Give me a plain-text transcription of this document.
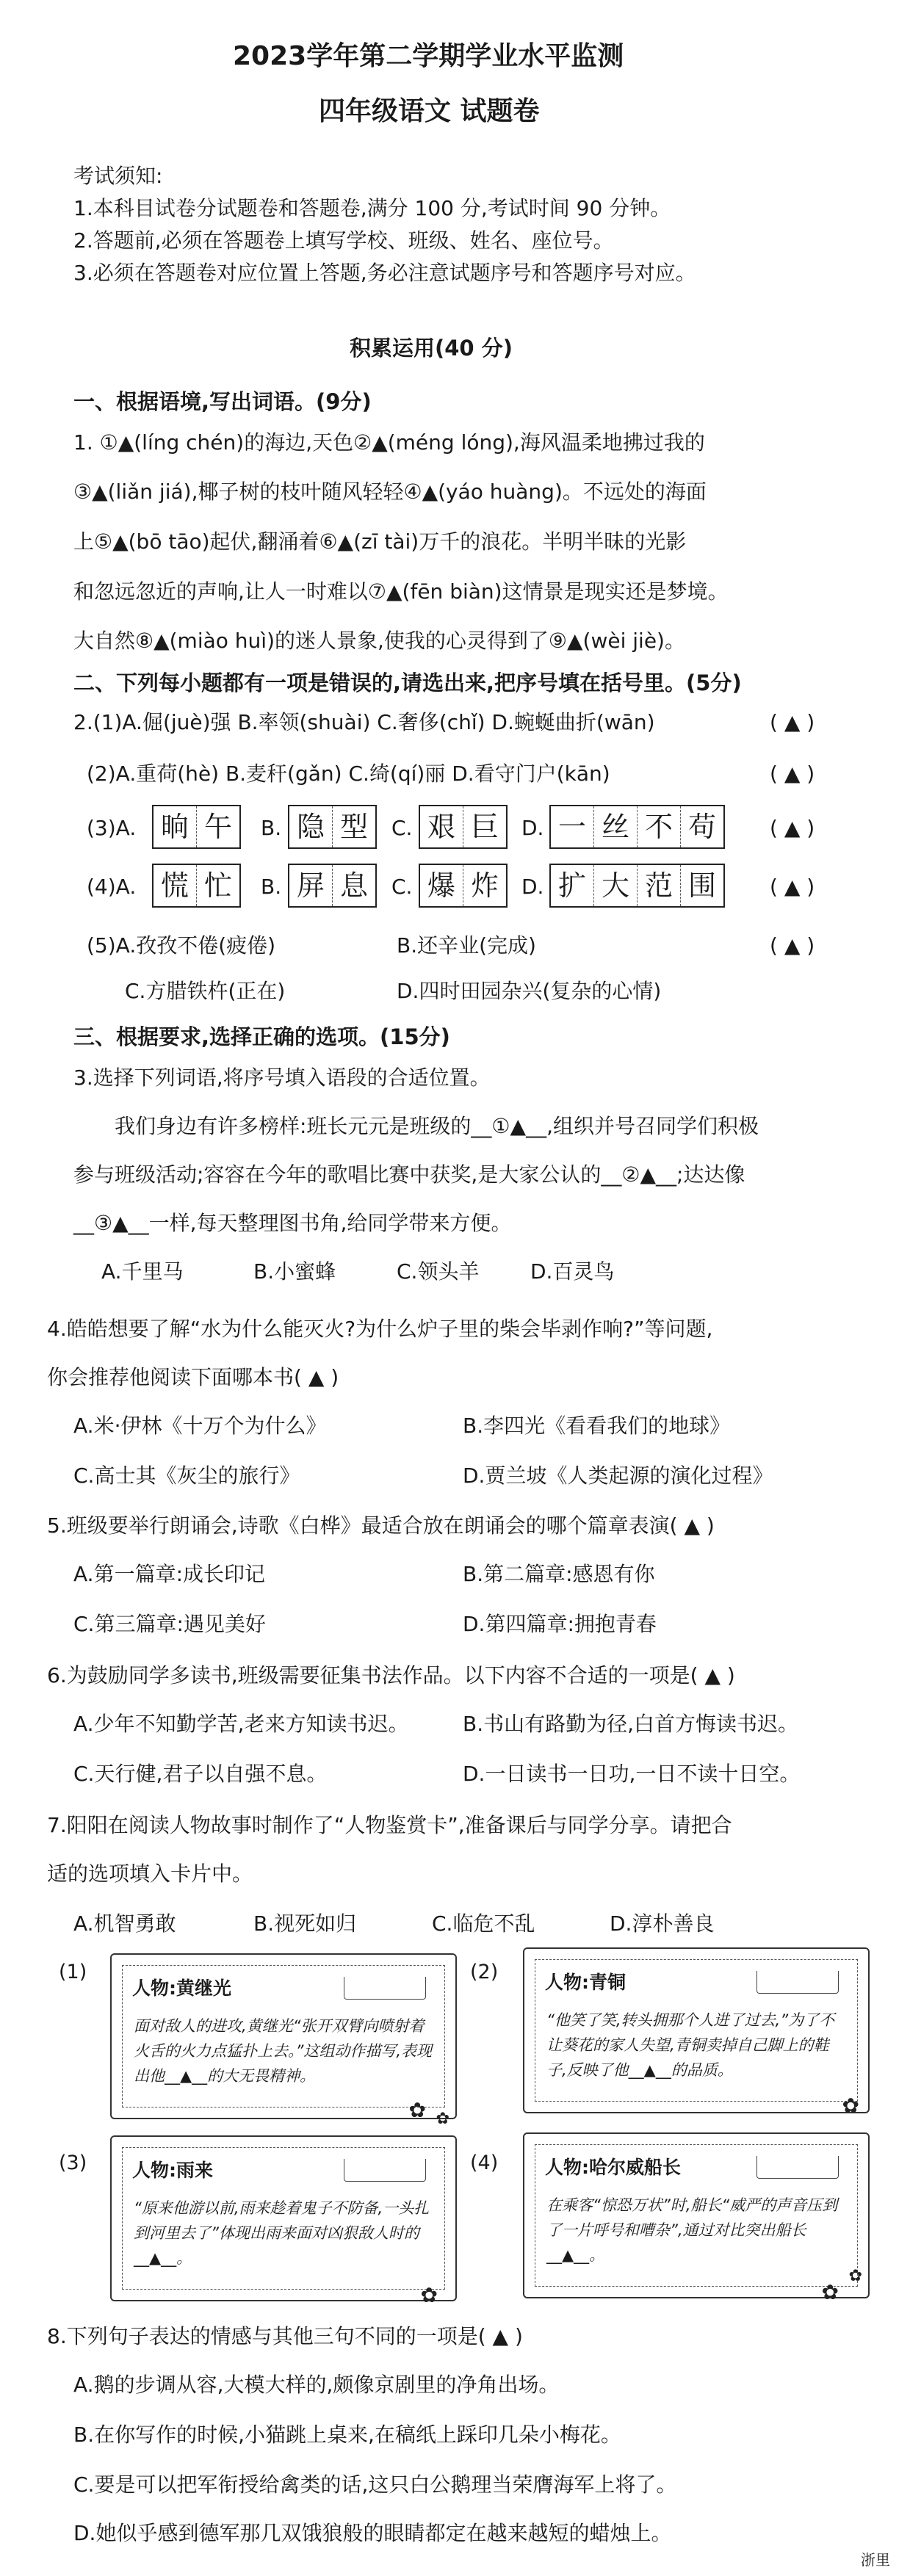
2023学年第二学期学业水平监测
四年级语文 试题卷
考试须知:
1.本科目试卷分试题卷和答题卷,满分 100 分,考试时间 90 分钟。
2.答题前,必须在答题卷上填写学校、班级、姓名、座位号。
3.必须在答题卷对应位置上答题,务必注意试题序号和答题序号对应。
积累运用(40 分)
一、根据语境,写出词语。(9分)
1. ①▲(líng chén)的海边,天色②▲(méng lóng),海风温柔地拂过我的
③▲(liǎn jiá),椰子树的枝叶随风轻轻④▲(yáo huàng)。不远处的海面
上⑤▲(bō tāo)起伏,翻涌着⑥▲(zī tài)万千的浪花。半明半昧的光影
和忽远忽近的声响,让人一时难以⑦▲(fēn biàn)这情景是现实还是梦境。
大自然⑧▲(miào huì)的迷人景象,使我的心灵得到了⑨▲(wèi jiè)。
二、下列每小题都有一项是错误的,请选出来,把序号填在括号里。(5分)
2.(1)A.倔(juè)强 B.率领(shuài) C.奢侈(chǐ) D.蜿蜒曲折(wān)	( ▲ )
(2)A.重荷(hè) B.麦秆(gǎn) C.绮(qí)丽 D.看守门户(kān)	( ▲ )
(3)A. 晌 午	B. 隐 型	C. 艰 巨	D. 一 丝 不 苟	( ▲ )
(4)A. 慌 忙	B. 屏 息	C. 爆 炸	D. 扩 大 范 围	( ▲ )
(5)A.孜孜不倦(疲倦)	B.还辛业(完成)	( ▲ )
C.方腊铁杵(正在)	D.四时田园杂兴(复杂的心情)
三、根据要求,选择正确的选项。(15分)
3.选择下列词语,将序号填入语段的合适位置。
我们身边有许多榜样:班长元元是班级的__①▲__,组织并号召同学们积极
参与班级活动;容容在今年的歌唱比赛中获奖,是大家公认的__②▲__;达达像
__③▲__一样,每天整理图书角,给同学带来方便。
A.千里马	B.小蜜蜂	C.领头羊 D.百灵鸟
4.皓皓想要了解“水为什么能灭火?为什么炉子里的柴会毕剥作响?”等问题,
你会推荐他阅读下面哪本书( ▲ )
A.米·伊林《十万个为什么》	B.李四光《看看我们的地球》
C.高士其《灰尘的旅行》	D.贾兰坡《人类起源的演化过程》
5.班级要举行朗诵会,诗歌《白桦》最适合放在朗诵会的哪个篇章表演( ▲ )
A.第一篇章:成长印记	B.第二篇章:感恩有你
C.第三篇章:遇见美好	D.第四篇章:拥抱青春
6.为鼓励同学多读书,班级需要征集书法作品。以下内容不合适的一项是( ▲ )
A.少年不知勤学苦,老来方知读书迟。	B.书山有路勤为径,白首方悔读书迟。
C.天行健,君子以自强不息。	D.一日读书一日功,一日不读十日空。
7.阳阳在阅读人物故事时制作了“人物鉴赏卡”,准备课后与同学分享。请把合
适的选项填入卡片中。
A.机智勇敢	B.视死如归	C.临危不乱	D.淳朴善良
(1)
人物:黄继光
面对敌人的进攻,黄继光“张开双臂向喷射着火舌的火力点猛扑上去。”这组动作描写,表现出他__▲__的大无畏精神。
✿ ✿
(2)	人物:青铜
“他笑了笑,转头拥那个人进了过去,”为了不让葵花的家人失望,青铜卖掉自己脚上的鞋子,反映了他__▲__的品质。
✿
(3) 人物:雨来
“原来他游以前,雨来趁着鬼子不防备,一头扎到河里去了”体现出雨来面对凶狠敌人时的__▲__。
✿
(4)	人物:哈尔威船长
在乘客“惊恐万状”时,船长“威严的声音压到了一片呼号和嘈杂”,通过对比突出船长__▲__。
✿
✿
8.下列句子表达的情感与其他三句不同的一项是( ▲ )
A.鹅的步调从容,大模大样的,颇像京剧里的净角出场。
B.在你写作的时候,小猫跳上桌来,在稿纸上踩印几朵小梅花。
C.要是可以把军衔授给禽类的话,这只白公鹅理当荣膺海军上将了。
D.她似乎感到德军那几双饿狼般的眼睛都定在越来越短的蜡烛上。
浙里
